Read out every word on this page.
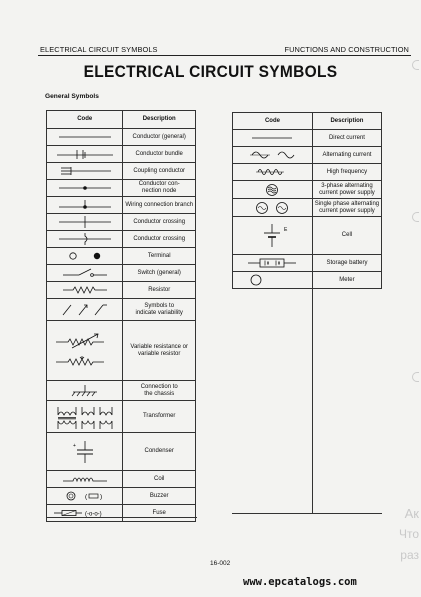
ELECTRICAL CIRCUIT SYMBOLS	FUNCTIONS AND CONSTRUCTION
ELECTRICAL CIRCUIT SYMBOLS
General Symbols
Code	Description

	Conductor (general)

	Conductor bundle

	Coupling conductor

	Conductor con-
nection node

	Wiring connection branch

	Conductor crossing

	Conductor crossing

	Terminal

	Switch (general)

	Resistor

	Symbols to
indicate variability

	Variable resistance or
variable resistor

	Connection to
the chassis

	Transformer

+	Condenser

	Coil

( )	Buzzer

(-o-o-)	Fuse
Code	Description

	Direct current

	Alternating current

	High frequency

	3-phase alternating
current power supply

	Single phase alternating
current power supply

E	Cell

	Storage battery

	Meter
16-002
www.epcatalogs.com
Ак
Что
раз
